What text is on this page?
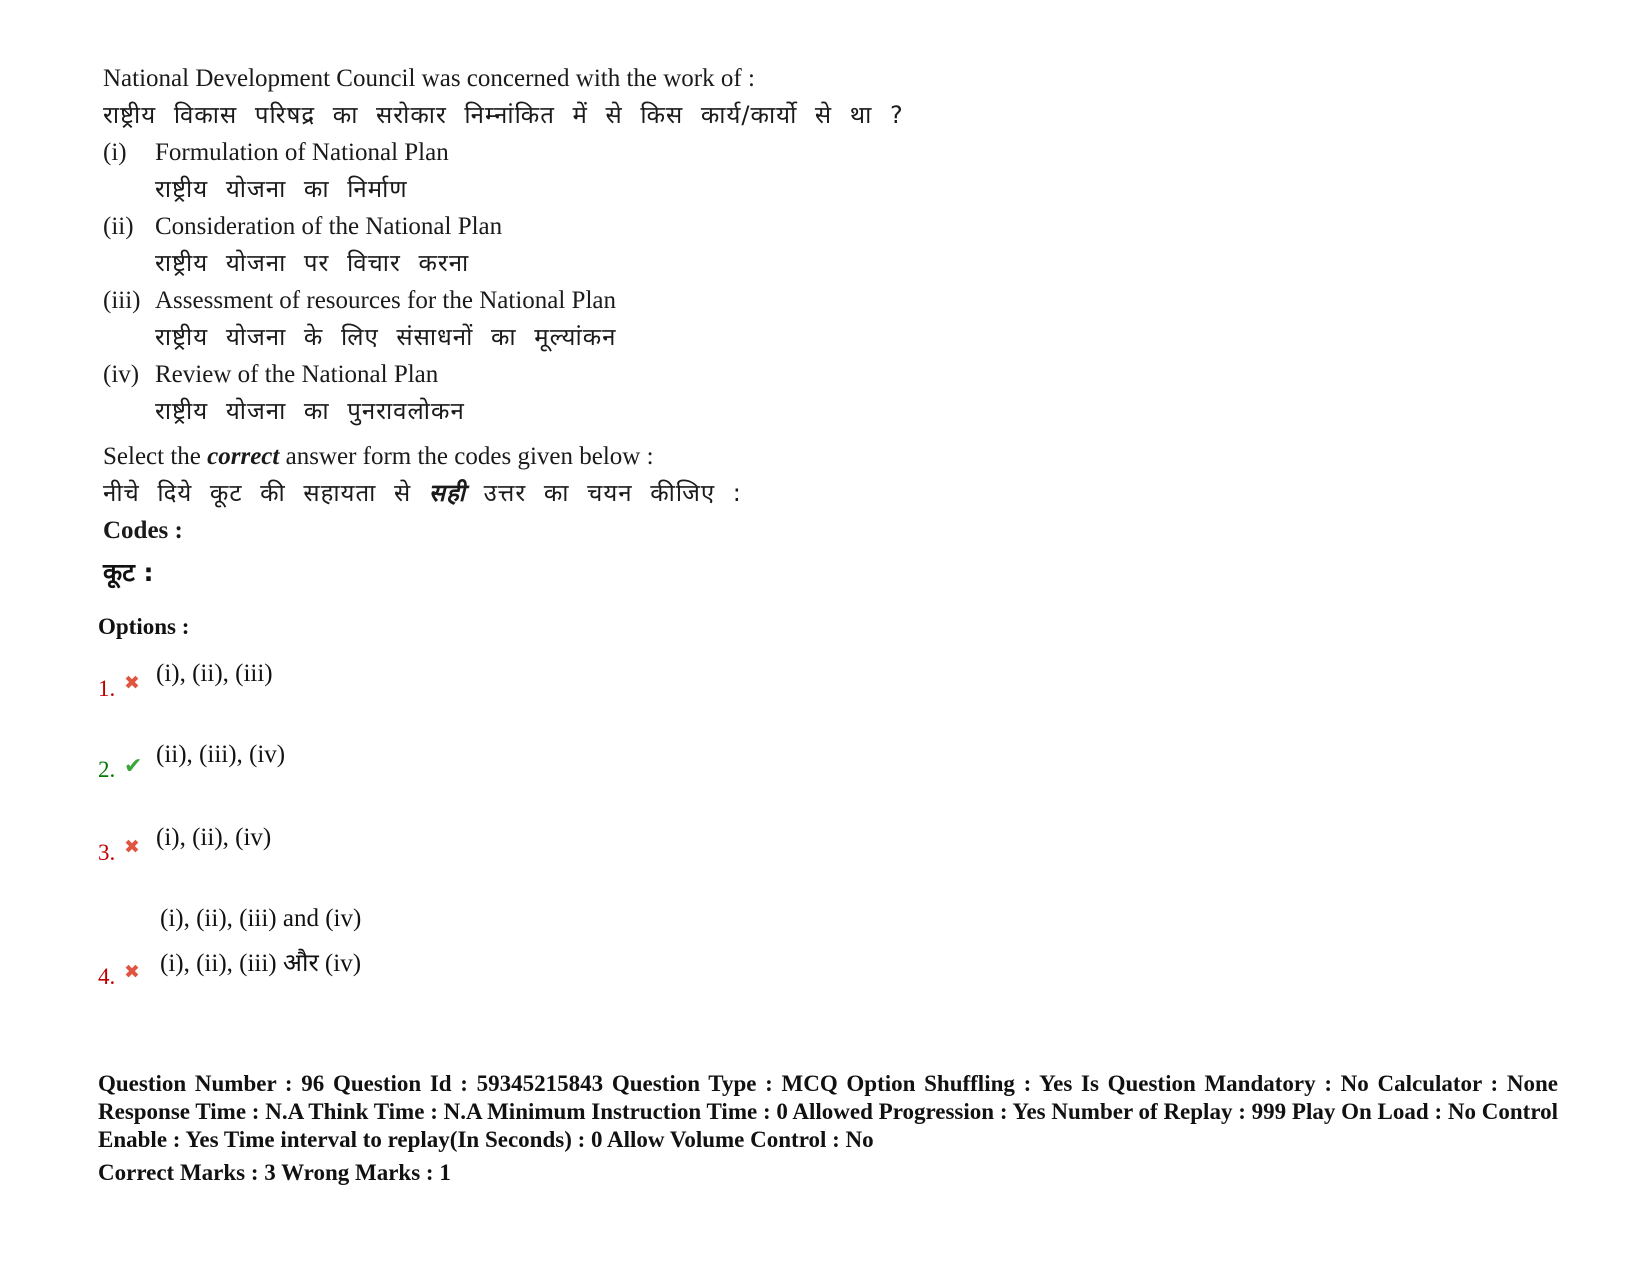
National Development Council was concerned with the work of :
राष्ट्रीय विकास परिषद्र का सरोकार निम्नांकित में से किस कार्य/कार्यो से था ?
(i)	Formulation of National Plan
राष्ट्रीय योजना का निर्माण
(ii) Consideration of the National Plan
राष्ट्रीय योजना पर विचार करना
(iii) Assessment of resources for the National Plan
राष्ट्रीय योजना के लिए संसाधनों का मूल्यांकन
(iv) Review of the National Plan
राष्ट्रीय योजना का पुनरावलोकन
Select the correct answer form the codes given below :
नीचे दिये कूट की सहायता से सही उत्तर का चयन कीजिए :
Codes :
कूट :
Options :
1. ✖ (i), (ii), (iii)
2. ✔ (ii), (iii), (iv)
3. ✖ (i), (ii), (iv)
4. ✖
(i), (ii), (iii) and (iv)
(i), (ii), (iii) और (iv)
Question Number : 96 Question Id : 59345215843 Question Type : MCQ Option Shuffling : Yes Is Question Mandatory : No Calculator : None Response Time : N.A Think Time : N.A Minimum Instruction Time : 0 Allowed Progression : Yes Number of Replay : 999 Play On Load : No Control Enable : Yes Time interval to replay(In Seconds) : 0 Allow Volume Control : No
Correct Marks : 3 Wrong Marks : 1
